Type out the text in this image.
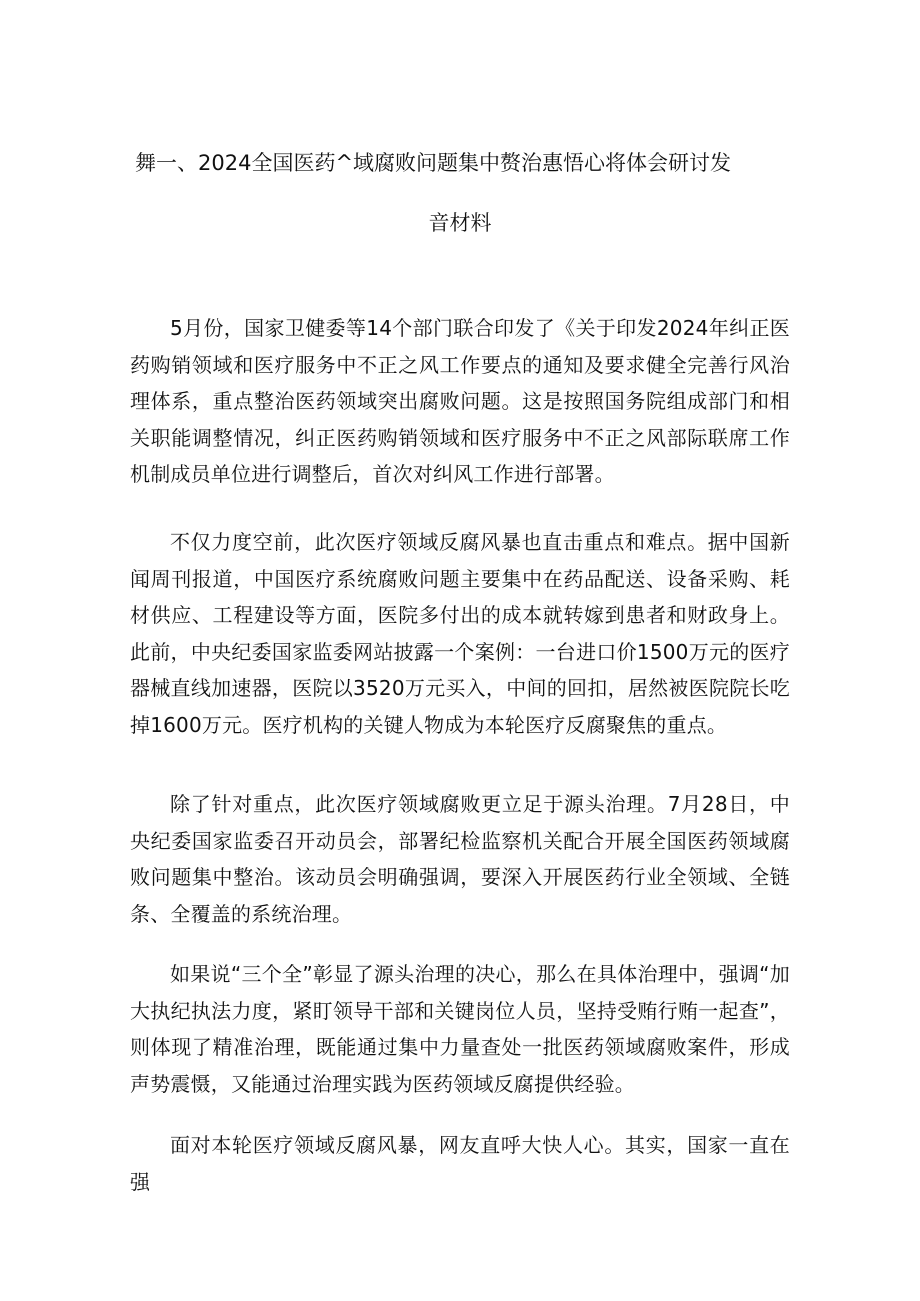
舞一、2024全国医药^域腐败问题集中赘治惠悟心将体会研讨发
音材料

5月份，国家卫健委等14个部门联合印发了《关于印发2024年纠正医药购销领域和医疗服务中不正之风工作要点的通知及要求健全完善行风治理体系，重点整治医药领域突出腐败问题。这是按照国务院组成部门和相关职能调整情况，纠正医药购销领域和医疗服务中不正之风部际联席工作机制成员单位进行调整后，首次对纠风工作进行部署。

不仅力度空前，此次医疗领域反腐风暴也直击重点和难点。据中国新闻周刊报道，中国医疗系统腐败问题主要集中在药品配送、设备采购、耗材供应、工程建设等方面，医院多付出的成本就转嫁到患者和财政身上。此前，中央纪委国家监委网站披露一个案例：一台进口价1500万元的医疗器械直线加速器，医院以3520万元买入，中间的回扣，居然被医院院长吃掉1600万元。医疗机构的关键人物成为本轮医疗反腐聚焦的重点。

除了针对重点，此次医疗领域腐败更立足于源头治理。7月28日，中央纪委国家监委召开动员会，部署纪检监察机关配合开展全国医药领域腐败问题集中整治。该动员会明确强调，要深入开展医药行业全领域、全链条、全覆盖的系统治理。

如果说“三个全”彰显了源头治理的决心，那么在具体治理中，强调“加大执纪执法力度，紧盯领导干部和关键岗位人员，坚持受贿行贿一起查”，则体现了精准治理，既能通过集中力量查处一批医药领域腐败案件，形成声势震慑，又能通过治理实践为医药领域反腐提供经验。

面对本轮医疗领域反腐风暴，网友直呼大快人心。其实，国家一直在强
